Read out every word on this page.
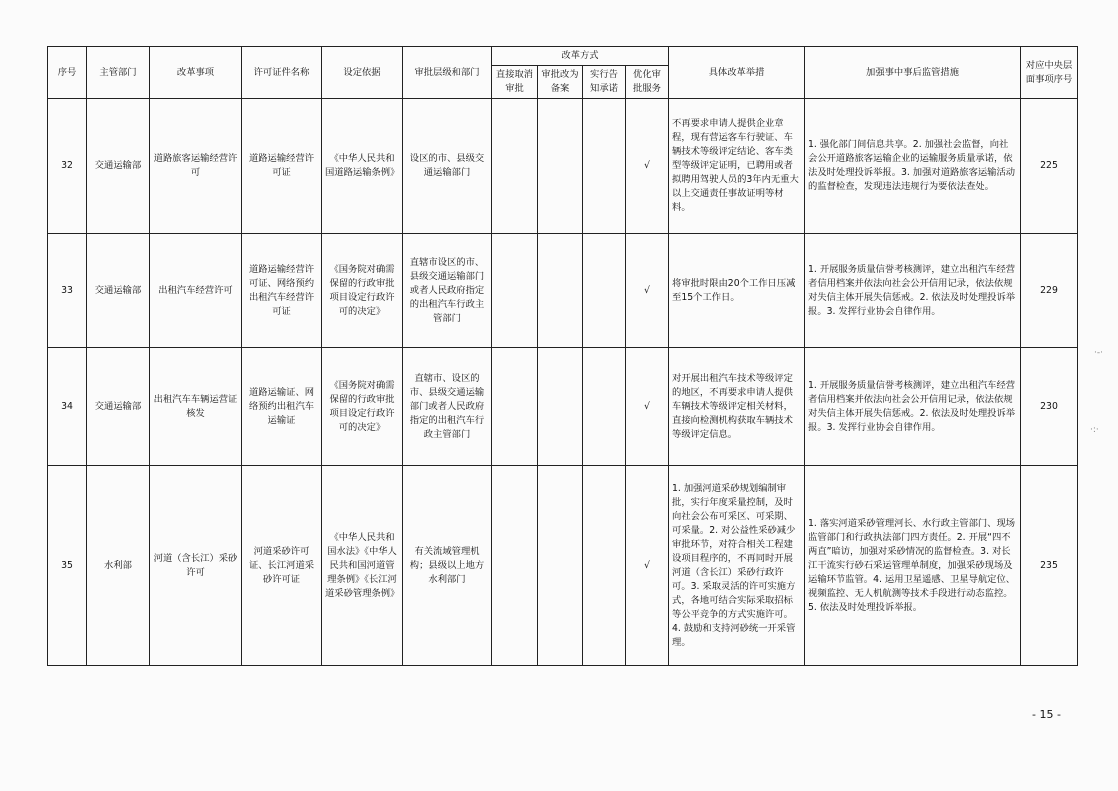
序号	主管部门	改革事项	许可证件名称	设定依据	审批层级和部门	改革方式				具体改革举措	加强事中事后监管措施	对应中央层面事项序号
						直接取消审批	审批改为备案	实行告知承诺	优化审批服务			
32	交通运输部	道路旅客运输经营许可	道路运输经营许可证	《中华人民共和国道路运输条例》	设区的市、县级交通运输部门				√	不再要求申请人提供企业章程，现有营运客车行驶证、车辆技术等级评定结论、客车类型等级评定证明，已聘用或者拟聘用驾驶人员的3年内无重大以上交通责任事故证明等材料。	1. 强化部门间信息共享。2. 加强社会监督，向社会公开道路旅客运输企业的运输服务质量承诺，依法及时处理投诉举报。3. 加强对道路旅客运输活动的监督检查，发现违法违规行为要依法查处。	225
33	交通运输部	出租汽车经营许可	道路运输经营许可证、网络预约出租汽车经营许可证	《国务院对确需保留的行政审批项目设定行政许可的决定》	直辖市设区的市、县级交通运输部门或者人民政府指定的出租汽车行政主管部门				√	将审批时限由20个工作日压减至15个工作日。	1. 开展服务质量信誉考核测评，建立出租汽车经营者信用档案并依法向社会公开信用记录，依法依规对失信主体开展失信惩戒。2. 依法及时处理投诉举报。3. 发挥行业协会自律作用。	229
34	交通运输部	出租汽车车辆运营证核发	道路运输证、网络预约出租汽车运输证	《国务院对确需保留的行政审批项目设定行政许可的决定》	直辖市、设区的市、县级交通运输部门或者人民政府指定的出租汽车行政主管部门				√	对开展出租汽车技术等级评定的地区，不再要求申请人提供车辆技术等级评定相关材料，直接向检测机构获取车辆技术等级评定信息。	1. 开展服务质量信誉考核测评，建立出租汽车经营者信用档案并依法向社会公开信用记录，依法依规对失信主体开展失信惩戒。2. 依法及时处理投诉举报。3. 发挥行业协会自律作用。	230
35	水利部	河道（含长江）采砂许可	河道采砂许可证、长江河道采砂许可证	《中华人民共和国水法》《中华人民共和国河道管理条例》《长江河道采砂管理条例》	有关流域管理机构；县级以上地方水利部门				√	1. 加强河道采砂规划编制审批，实行年度采量控制，及时向社会公布可采区、可采期、可采量。2. 对公益性采砂减少审批环节，对符合相关工程建设项目程序的，不再同时开展河道（含长江）采砂行政许可。3. 采取灵活的许可实施方式，各地可结合实际采取招标等公平竞争的方式实施许可。4. 鼓励和支持河砂统一开采管理。	1. 落实河道采砂管理河长、水行政主管部门、现场监管部门和行政执法部门四方责任。2. 开展“四不两直”暗访，加强对采砂情况的监督检查。3. 对长江干流实行砂石采运管理单制度，加强采砂现场及运输环节监管。4. 运用卫星遥感、卫星导航定位、视频监控、无人机航测等技术手段进行动态监控。5. 依法及时处理投诉举报。	235
- 15 -
·-·
·:·
